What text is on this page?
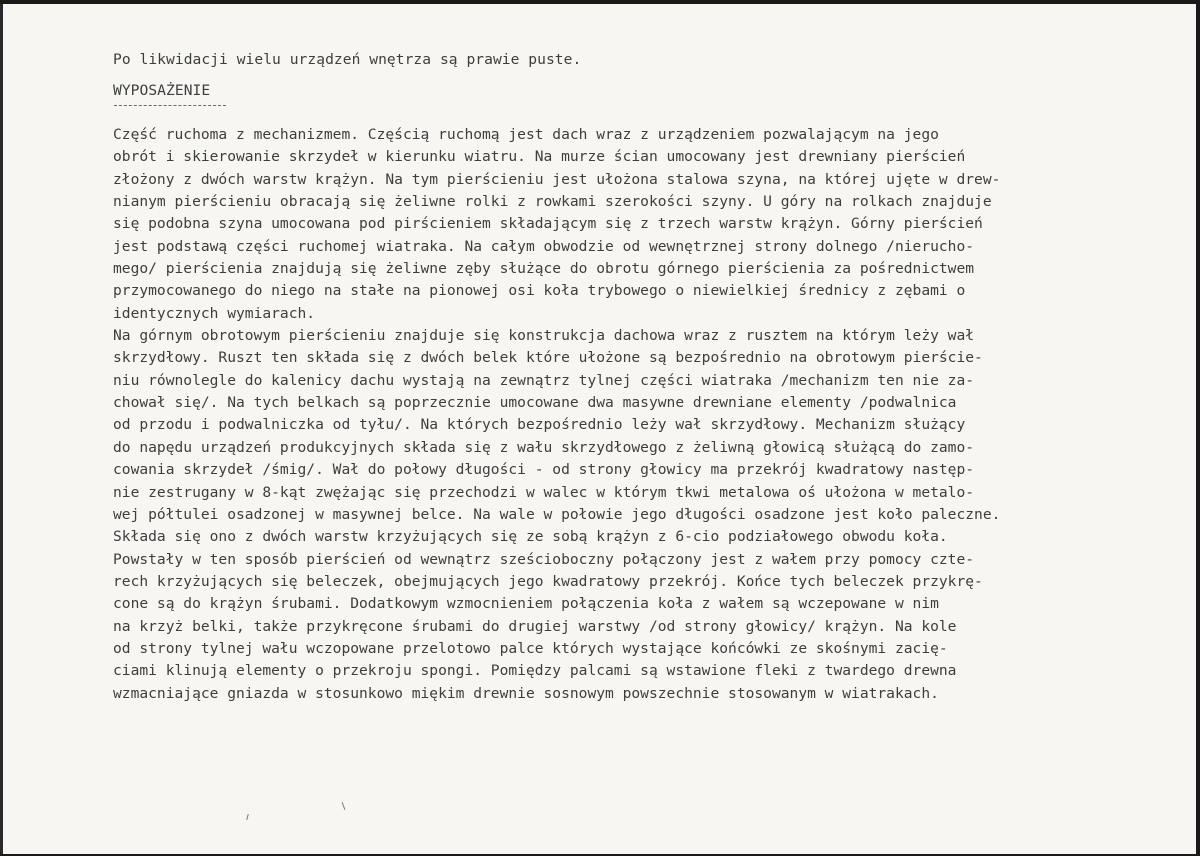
Po likwidacji wielu urządzeń wnętrza są prawie puste.

WYPOSAŻENIE

Część ruchoma z mechanizmem. Częścią ruchomą jest dach wraz z urządzeniem pozwalającym na jego
obrót i skierowanie skrzydeł w kierunku wiatru. Na murze ścian umocowany jest drewniany pierścień
złożony z dwóch warstw krążyn. Na tym pierścieniu jest ułożona stalowa szyna, na której ujęte w drew-
nianym pierścieniu obracają się żeliwne rolki z rowkami szerokości szyny. U góry na rolkach znajduje
się podobna szyna umocowana pod pirścieniem składającym się z trzech warstw krążyn. Górny pierścień
jest podstawą części ruchomej wiatraka. Na całym obwodzie od wewnętrznej strony dolnego /nierucho-
mego/ pierścienia znajdują się żeliwne zęby służące do obrotu górnego pierścienia za pośrednictwem
przymocowanego do niego na stałe na pionowej osi koła trybowego o niewielkiej średnicy z zębami o
identycznych wymiarach.
Na górnym obrotowym pierścieniu znajduje się konstrukcja dachowa wraz z rusztem na którym leży wał
skrzydłowy. Ruszt ten składa się z dwóch belek które ułożone są bezpośrednio na obrotowym pierście-
niu równolegle do kalenicy dachu wystają na zewnątrz tylnej części wiatraka /mechanizm ten nie za-
chował się/. Na tych belkach są poprzecznie umocowane dwa masywne drewniane elementy /podwalnica
od przodu i podwalniczka od tyłu/. Na których bezpośrednio leży wał skrzydłowy. Mechanizm służący
do napędu urządzeń produkcyjnych składa się z wału skrzydłowego z żeliwną głowicą służącą do zamo-
cowania skrzydeł /śmig/. Wał do połowy długości - od strony głowicy ma przekrój kwadratowy następ-
nie zestrugany w 8-kąt zwężając się przechodzi w walec w którym tkwi metalowa oś ułożona w metalo-
wej półtulei osadzonej w masywnej belce. Na wale w połowie jego długości osadzone jest koło paleczne.
Składa się ono z dwóch warstw krzyżujących się ze sobą krążyn z 6-cio podziałowego obwodu koła.
Powstały w ten sposób pierścień od wewnątrz sześcioboczny połączony jest z wałem przy pomocy czte-
rech krzyżujących się beleczek, obejmujących jego kwadratowy przekrój. Końce tych beleczek przykrę-
cone są do krążyn śrubami. Dodatkowym wzmocnieniem połączenia koła z wałem są wczepowane w nim
na krzyż belki, także przykręcone śrubami do drugiej warstwy /od strony głowicy/ krążyn. Na kole
od strony tylnej wału wczopowane przelotowo palce których wystające końcówki ze skośnymi zacię-
ciami klinują elementy o przekroju spongi. Pomiędzy palcami są wstawione fleki z twardego drewna
wzmacniające gniazda w stosunkowo miękim drewnie sosnowym powszechnie stosowanym w wiatrakach.
